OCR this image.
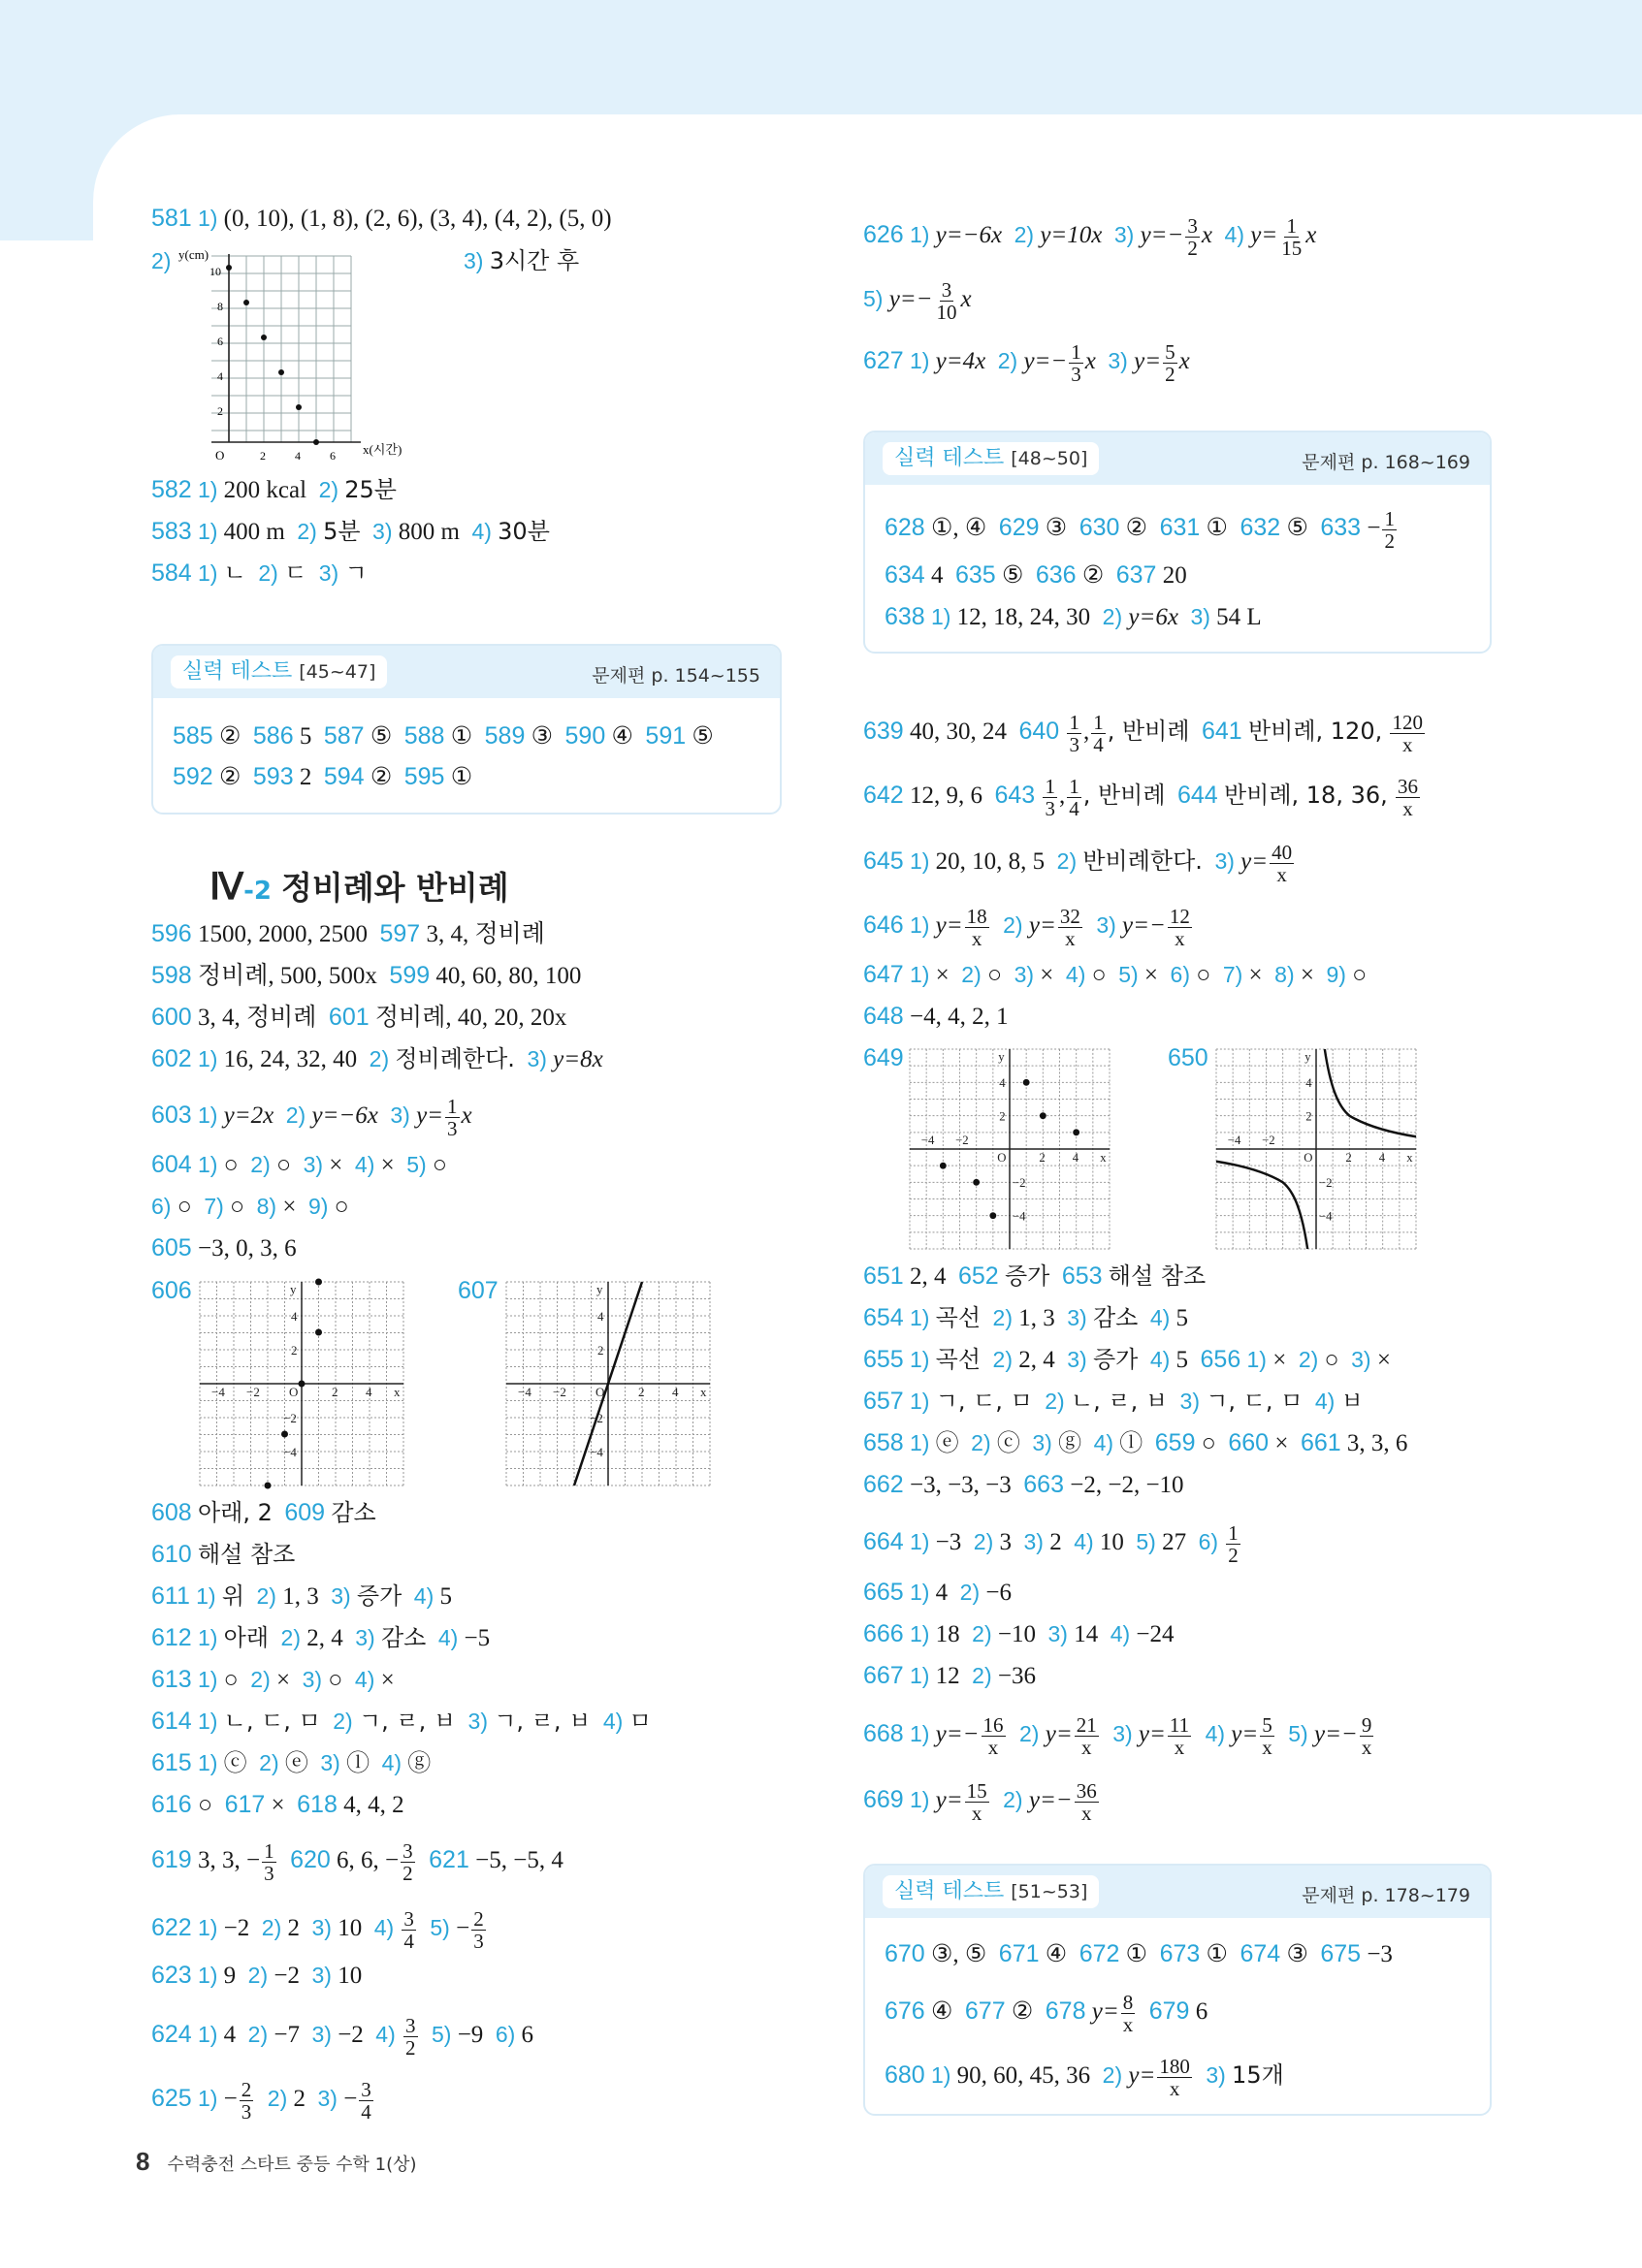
581 1) (0, 10), (1, 8), (2, 6), (3, 4), (4, 2), (5, 0)
2)	3) 3시간 후
y(cm)
x(시간)
10
8
6
4
2
O	2	4	6
582 1) 200 kcal 2) 25분
583 1) 400 m 2) 5분 3) 800 m 4) 30분
584 1) ㄴ 2) ㄷ 3) ㄱ
실력 테스트 [45~47]	문제편 p. 154~155
585 ② 586 5 587 ⑤ 588 ① 589 ③ 590 ④ 591 ⑤
592 ② 593 2 594 ② 595 ①
Ⅳ-2 정비례와 반비례
596 1500, 2000, 2500 597 3, 4, 정비례
598 정비례, 500, 500x 599 40, 60, 80, 100
600 3, 4, 정비례 601 정비례, 40, 20, 20x
602 1) 16, 24, 32, 40 2) 정비례한다. 3) y=8x
603 1) y=2x 2) y=−6x 3) $y= \frac{1}{3}$ x
604 1) ○ 2) ○ 3) × 4) × 5) ○
6) ○ 7) ○ 8) × 9) ○
605 −3, 0, 3, 6
606	607
y
x
O
−4 −2	2 4
4
2
−2
−4
y
x
O
−4 −2	2 4
4
2
−2
−4
608 아래, 2 609 감소
610 해설 참조
611 1) 위 2) 1, 3 3) 증가 4) 5
612 1) 아래 2) 2, 4 3) 감소 4) −5
613 1) ○ 2) × 3) ○ 4) ×
614 1) ㄴ, ㄷ, ㅁ 2) ㄱ, ㄹ, ㅂ 3) ㄱ, ㄹ, ㅂ 4) ㅁ
615 1) ⓒ 2) ⓔ 3) ⓛ 4) ⓖ
616 ○ 617 × 618 4, 4, 2
619 3, 3, − $\frac{1}{3} 620$ 6, 6, − $\frac{3}{2} 621 -5$, −5, 4
622 1) −2 2) 2 3) 10 $4) \frac{3}{4} 5) - \frac{2}{3}$
623 1) 9 2) −2 3) 10
624 1) 4 2) −7 3) −2 $4) \frac{3}{2} 5) -9$ 6) 6
625 $1) - \frac{2}{3} 2$) 2 $3) - \frac{3}{4}$
8 수력충전 스타트 중등 수학 1(상)
626 1) y=−6x 2) y=10x 3) $y=- \frac{3}{2}$ x 4) $y= \frac{1}{15}$ x
5) $y=- \frac{3}{10}$ x
627 1) y=4x 2) $y=- \frac{1}{3}$ x 3) $y= \frac{5}{2}$ x
실력 테스트 [48~50]	문제편 p. 168~169
628 ①, ④ 629 ③ 630 ② 631 ① 632 ⑤ $633 - \frac{1}{2}$
634 4 635 ⑤ 636 ② 637 20
638 1) 12, 18, 24, 30 2) y=6x 3) 54 L
639 40, 30, 24 $640 \frac{1}{3}$ , $\frac{1}{4}$ , 반비례 641 반비례, 120, $\frac{120}{x}$
642 12, 9, 6 $643 \frac{1}{3}$ , $\frac{1}{4}$ , 반비례 644 반비례, 18, 36, $\frac{36}{x}$
645 1) 20, 10, 8, 5 2) 반비례한다. 3) $y= \frac{40}{x}$
646 1) $y= \frac{18}{x} 2$) $y= \frac{32}{x} 3$) $y=- \frac{12}{x}$
647 1) × 2) ○ 3) × 4) ○ 5) × 6) ○ 7) × 8) × 9) ○
648 −4, 4, 2, 1
649	650
y
x
O
−4 −2
2 4
4
2
−2
−4
y
x
O
−4 −2
2 4
4
2
−2
−4
651 2, 4 652 증가 653 해설 참조
654 1) 곡선 2) 1, 3 3) 감소 4) 5
655 1) 곡선 2) 2, 4 3) 증가 4) 5 656 1) × 2) ○ 3) ×
657 1) ㄱ, ㄷ, ㅁ 2) ㄴ, ㄹ, ㅂ 3) ㄱ, ㄷ, ㅁ 4) ㅂ
658 1) ⓔ 2) ⓒ 3) ⓖ 4) ⓛ 659 ○ 660 × 661 3, 3, 6
662 −3, −3, −3 663 −2, −2, −10
664 1) −3 2) 3 3) 2 4) 10 5) 27 $6) \frac{1}{2}$
665 1) 4 2) −6
666 1) 18 2) −10 3) 14 4) −24
667 1) 12 2) −36
668 1) $y=- \frac{16}{x} 2$) $y= \frac{21}{x} 3$) $y= \frac{11}{x} 4$) $y= \frac{5}{x} 5$) $y=- \frac{9}{x}$
669 1) $y= \frac{15}{x} 2$) $y=- \frac{36}{x}$
실력 테스트 [51~53]	문제편 p. 178~179
670 ③, ⑤ 671 ④ 672 ① 673 ① 674 ③ 675 −3
676 ④ 677 ② 678 $y= \frac{8}{x} 679$ 6
680 1) 90, 60, 45, 36 2) $y= \frac{180}{x} 3$) 15개
